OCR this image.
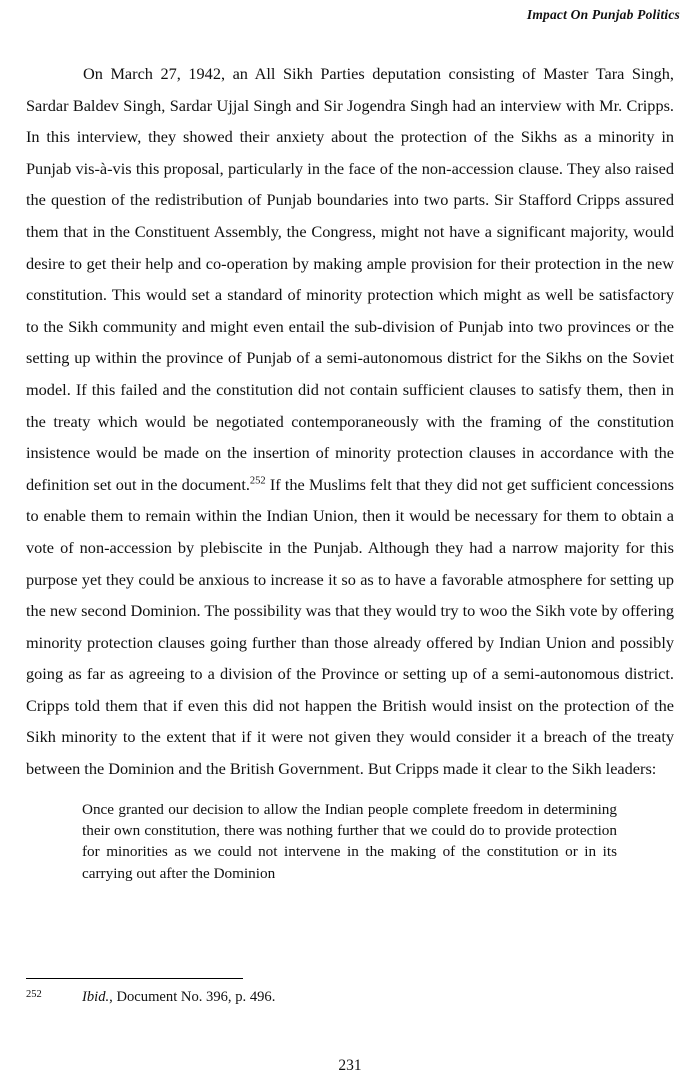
Impact On Punjab Politics

On March 27, 1942, an All Sikh Parties deputation consisting of Master Tara Singh, Sardar Baldev Singh, Sardar Ujjal Singh and Sir Jogendra Singh had an interview with Mr. Cripps. In this interview, they showed their anxiety about the protection of the Sikhs as a minority in Punjab vis-à-vis this proposal, particularly in the face of the non-accession clause. They also raised the question of the redistribution of Punjab boundaries into two parts. Sir Stafford Cripps assured them that in the Constituent Assembly, the Congress, might not have a significant majority, would desire to get their help and co-operation by making ample provision for their protection in the new constitution. This would set a standard of minority protection which might as well be satisfactory to the Sikh community and might even entail the sub-division of Punjab into two provinces or the setting up within the province of Punjab of a semi-autonomous district for the Sikhs on the Soviet model. If this failed and the constitution did not contain sufficient clauses to satisfy them, then in the treaty which would be negotiated contemporaneously with the framing of the constitution insistence would be made on the insertion of minority protection clauses in accordance with the definition set out in the document.$^{252}$ If the Muslims felt that they did not get sufficient concessions to enable them to remain within the Indian Union, then it would be necessary for them to obtain a vote of non-accession by plebiscite in the Punjab. Although they had a narrow majority for this purpose yet they could be anxious to increase it so as to have a favorable atmosphere for setting up the new second Dominion. The possibility was that they would try to woo the Sikh vote by offering minority protection clauses going further than those already offered by Indian Union and possibly going as far as agreeing to a division of the Province or setting up of a semi-autonomous district. Cripps told them that if even this did not happen the British would insist on the protection of the Sikh minority to the extent that if it were not given they would consider it a breach of the treaty between the Dominion and the British Government. But Cripps made it clear to the Sikh leaders:

Once granted our decision to allow the Indian people complete freedom in determining their own constitution, there was nothing further that we could do to provide protection for minorities as we could not intervene in the making of the constitution or in its carrying out after the Dominion

252	Ibid., Document No. 396, p. 496.
231
